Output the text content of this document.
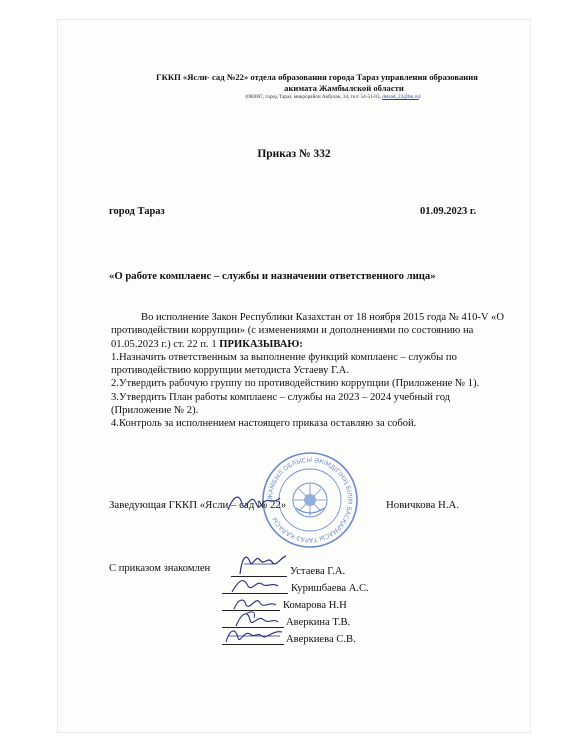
ГККП «Ясли- сад №22» отдела образования города Тараз управления образования
акимата Жамбылской области
(080007, город Тараз, микрорайон Акбулак, 34, тел: 54-51-03, detsad_22@bk.ru)
Приказ № 332
город Тараз	01.09.2023 г.
«О работе комплаенс – службы и назначении ответственного лица»

Во исполнение Закон Республики Казахстан от 18 ноября 2015 года № 410-V «О противодействии коррупции» (с изменениями и дополнениями по состоянию на 01.05.2023 г.) ст. 22 п. 1 ПРИКАЗЫВАЮ:

1.Назначить ответственным за выполнение функций комплаенс – службы по противодействию коррупции методиста Устаеву Г.А.

2.Утвердить рабочую группу по противодействию коррупции (Приложение № 1).

3.Утвердить План работы комплаенс – службы на 2023 – 2024 учебный год (Приложение № 2).

4.Контроль за исполнением настоящего приказа оставляю за собой.

ЖАМБЫЛ ОБЛЫСЫ ӘКІМДІГІНІҢ БІЛІМ БАСҚАРМАСЫ ТАРАЗ ҚАЛАСЫ
Заведующая ГККП «Ясли – сад № 22»	Новичкова Н.А.
С приказом знакомлен	Устаева Г.А.
Куришбаева А.С.
Комарова Н.Н
Аверкина Т.В.
Аверкиева С.В.
